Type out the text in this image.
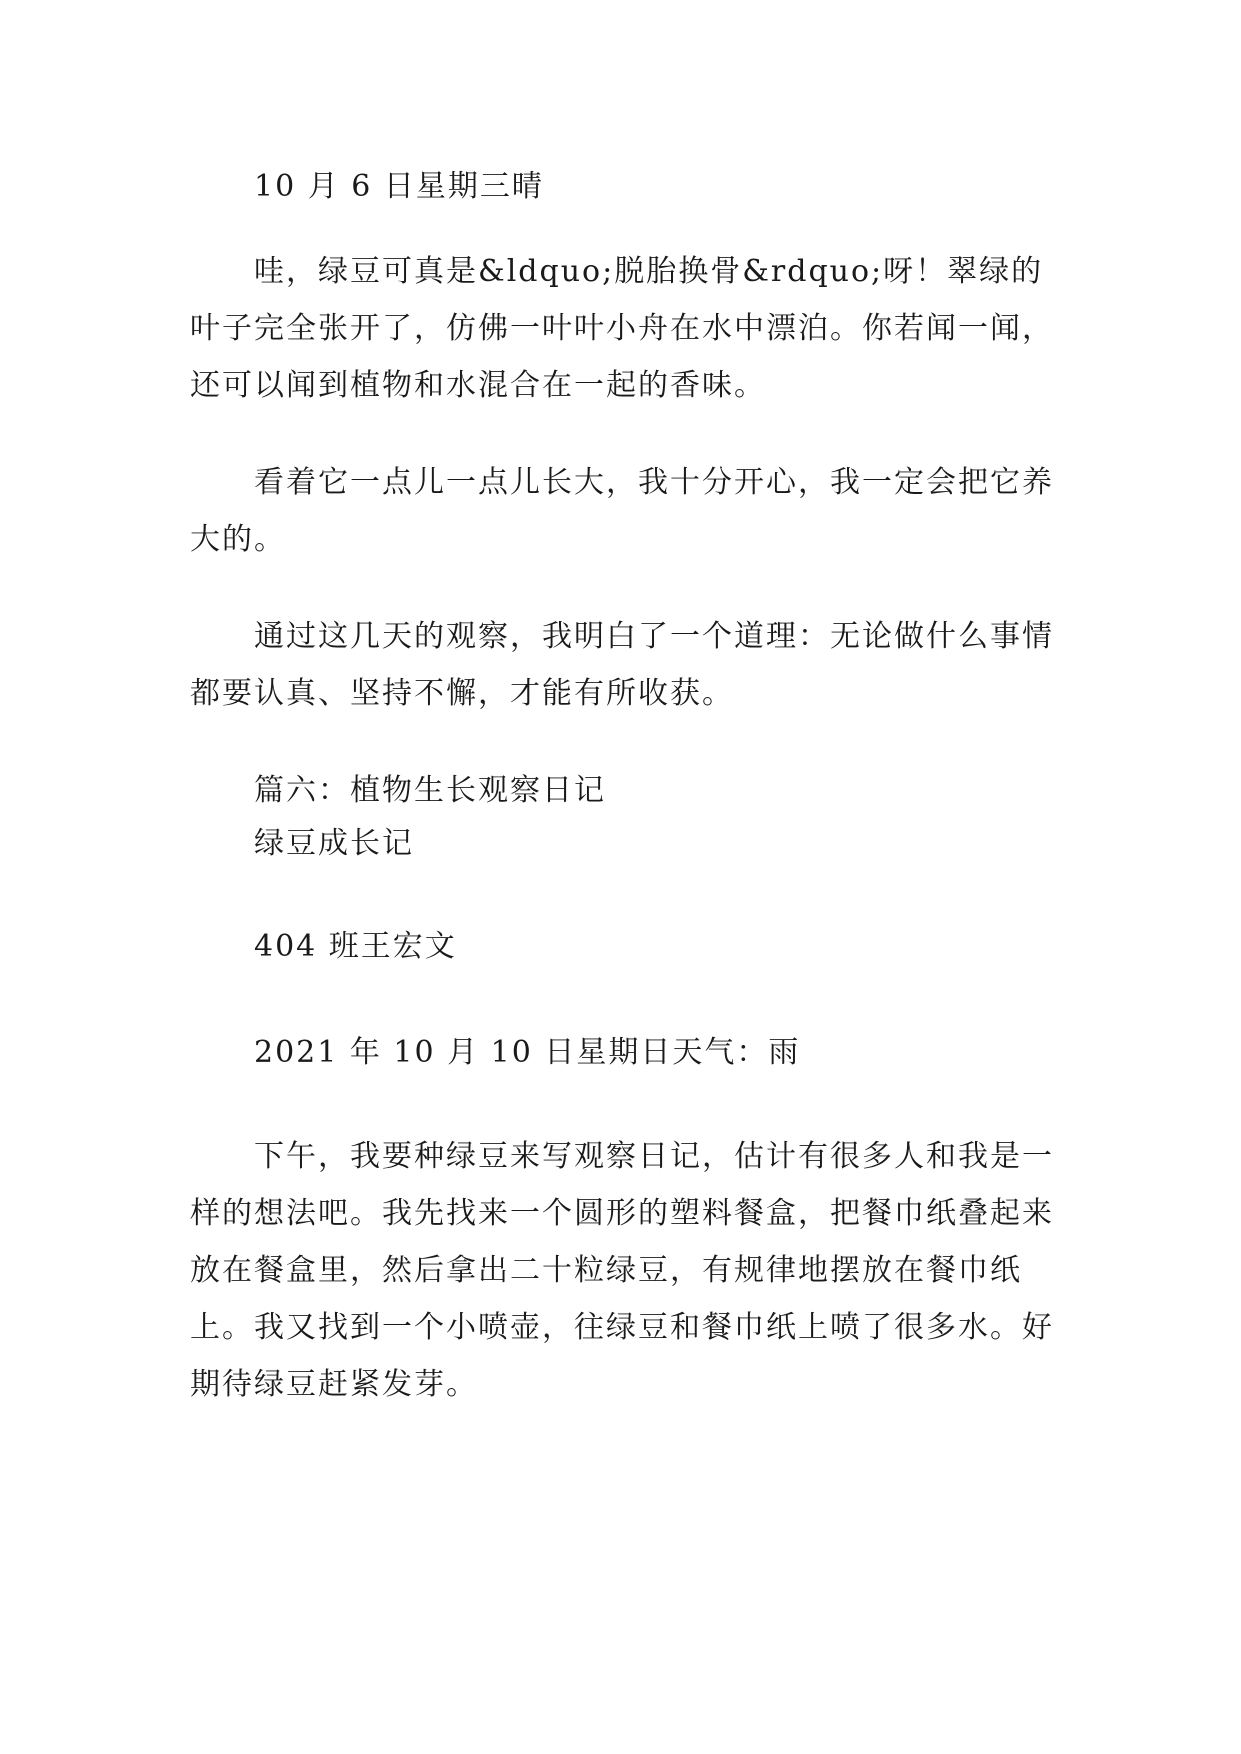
10 月 6 日星期三晴

哇，绿豆可真是&ldquo;脱胎换骨&rdquo;呀！翠绿的叶子完全张开了，仿佛一叶叶小舟在水中漂泊。你若闻一闻，还可以闻到植物和水混合在一起的香味。

看着它一点儿一点儿长大，我十分开心，我一定会把它养大的。

通过这几天的观察，我明白了一个道理：无论做什么事情都要认真、坚持不懈，才能有所收获。

篇六：植物生长观察日记

绿豆成长记

404 班王宏文

2021 年 10 月 10 日星期日天气：雨

下午，我要种绿豆来写观察日记，估计有很多人和我是一样的想法吧。我先找来一个圆形的塑料餐盒，把餐巾纸叠起来放在餐盒里，然后拿出二十粒绿豆，有规律地摆放在餐巾纸上。我又找到一个小喷壶，往绿豆和餐巾纸上喷了很多水。好期待绿豆赶紧发芽。
